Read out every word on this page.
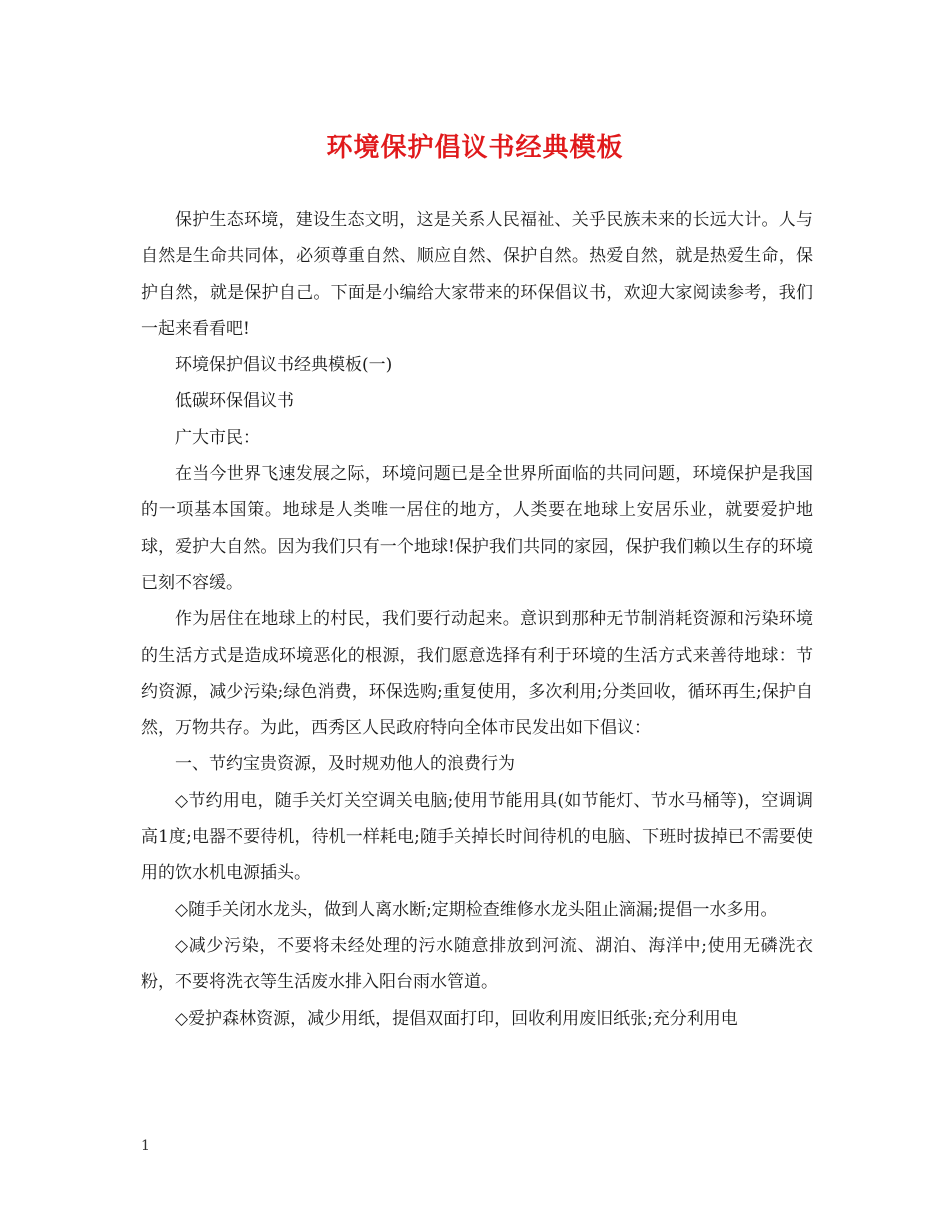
环境保护倡议书经典模板

保护生态环境，建设生态文明，这是关系人民福祉、关乎民族未来的长远大计。人与自然是生命共同体，必须尊重自然、顺应自然、保护自然。热爱自然，就是热爱生命，保护自然，就是保护自己。下面是小编给大家带来的环保倡议书，欢迎大家阅读参考，我们一起来看看吧!

环境保护倡议书经典模板(一)

低碳环保倡议书

广大市民：

在当今世界飞速发展之际，环境问题已是全世界所面临的共同问题，环境保护是我国的一项基本国策。地球是人类唯一居住的地方，人类要在地球上安居乐业，就要爱护地球，爱护大自然。因为我们只有一个地球!保护我们共同的家园，保护我们赖以生存的环境已刻不容缓。

作为居住在地球上的村民，我们要行动起来。意识到那种无节制消耗资源和污染环境的生活方式是造成环境恶化的根源，我们愿意选择有利于环境的生活方式来善待地球：节约资源，减少污染;绿色消费，环保选购;重复使用，多次利用;分类回收，循环再生;保护自然，万物共存。为此，西秀区人民政府特向全体市民发出如下倡议：

一、节约宝贵资源，及时规劝他人的浪费行为

◇节约用电，随手关灯关空调关电脑;使用节能用具(如节能灯、节水马桶等)，空调调高1度;电器不要待机，待机一样耗电;随手关掉长时间待机的电脑、下班时拔掉已不需要使用的饮水机电源插头。

◇随手关闭水龙头，做到人离水断;定期检查维修水龙头阻止滴漏;提倡一水多用。

◇减少污染，不要将未经处理的污水随意排放到河流、湖泊、海洋中;使用无磷洗衣粉，不要将洗衣等生活废水排入阳台雨水管道。

◇爱护森林资源，减少用纸，提倡双面打印，回收利用废旧纸张;充分利用电

1
